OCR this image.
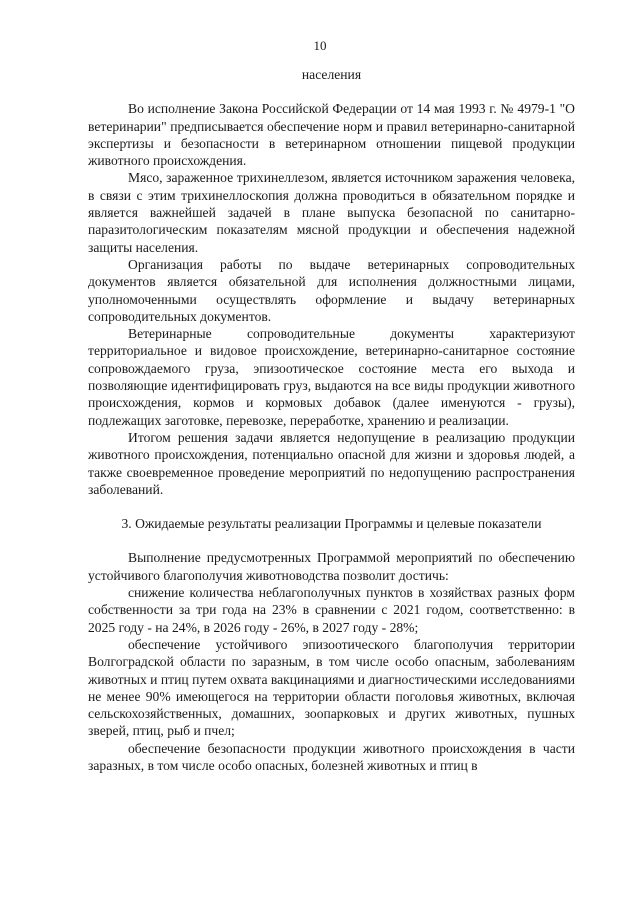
10
населения

Во исполнение Закона Российской Федерации от 14 мая 1993 г. № 4979-1 "О ветеринарии" предписывается обеспечение норм и правил ветеринарно-санитарной экспертизы и безопасности в ветеринарном отношении пищевой продукции животного происхождения.

Мясо, зараженное трихинеллезом, является источником заражения человека, в связи с этим трихинеллоскопия должна проводиться в обязательном порядке и является важнейшей задачей в плане выпуска безопасной по санитарно-паразитологическим показателям мясной продукции и обеспечения надежной защиты населения.

Организация работы по выдаче ветеринарных сопроводительных документов является обязательной для исполнения должностными лицами, уполномоченными осуществлять оформление и выдачу ветеринарных сопроводительных документов.

Ветеринарные сопроводительные документы характеризуют территориальное и видовое происхождение, ветеринарно-санитарное состояние сопровождаемого груза, эпизоотическое состояние места его выхода и позволяющие идентифицировать груз, выдаются на все виды продукции животного происхождения, кормов и кормовых добавок (далее именуются - грузы), подлежащих заготовке, перевозке, переработке, хранению и реализации.

Итогом решения задачи является недопущение в реализацию продукции животного происхождения, потенциально опасной для жизни и здоровья людей, а также своевременное проведение мероприятий по недопущению распространения заболеваний.

3. Ожидаемые результаты реализации Программы и целевые показатели

Выполнение предусмотренных Программой мероприятий по обеспечению устойчивого благополучия животноводства позволит достичь:

снижение количества неблагополучных пунктов в хозяйствах разных форм собственности за три года на 23% в сравнении с 2021 годом, соответственно: в 2025 году - на 24%, в 2026 году - 26%, в 2027 году - 28%;

обеспечение устойчивого эпизоотического благополучия территории Волгоградской области по заразным, в том числе особо опасным, заболеваниям животных и птиц путем охвата вакцинациями и диагностическими исследованиями не менее 90% имеющегося на территории области поголовья животных, включая сельскохозяйственных, домашних, зоопарковых и других животных, пушных зверей, птиц, рыб и пчел;

обеспечение безопасности продукции животного происхождения в части заразных, в том числе особо опасных, болезней животных и птиц в
